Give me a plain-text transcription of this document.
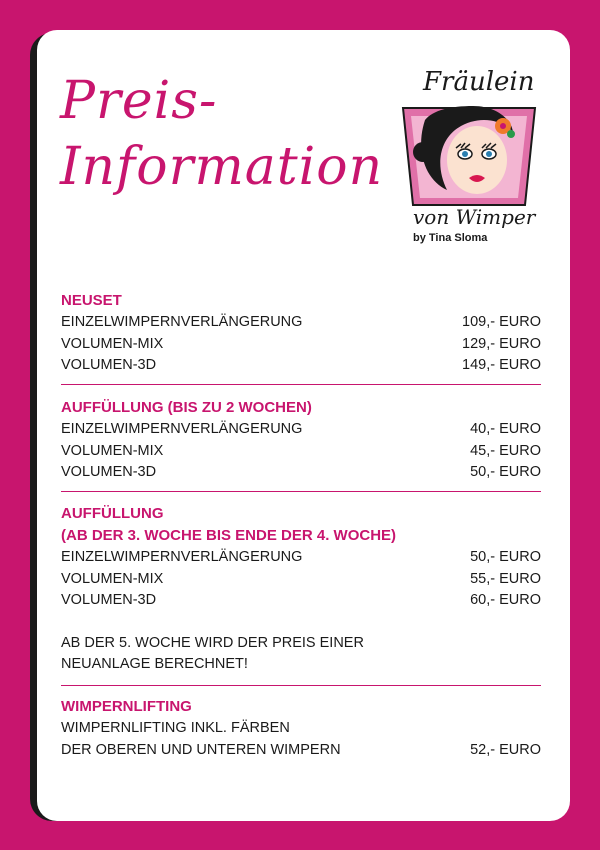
Preis-
Information
Fräulein
von Wimper
by Tina Sloma

NEUSET

EINZELWIMPERNVERLÄNGERUNG	109,- EURO
VOLUMEN-MIX	129,- EURO
VOLUMEN-3D	149,- EURO

AUFFÜLLUNG (BIS ZU 2 WOCHEN)

EINZELWIMPERNVERLÄNGERUNG	40,- EURO
VOLUMEN-MIX	45,- EURO
VOLUMEN-3D	50,- EURO

AUFFÜLLUNG

(AB DER 3. WOCHE BIS ENDE DER 4. WOCHE)

EINZELWIMPERNVERLÄNGERUNG	50,- EURO
VOLUMEN-MIX	55,- EURO
VOLUMEN-3D	60,- EURO
AB DER 5. WOCHE WIRD DER PREIS EINER
NEUANLAGE BERECHNET!

WIMPERNLIFTING

WIMPERNLIFTING INKL. FÄRBEN
DER OBEREN UND UNTEREN WIMPERN	52,- EURO
